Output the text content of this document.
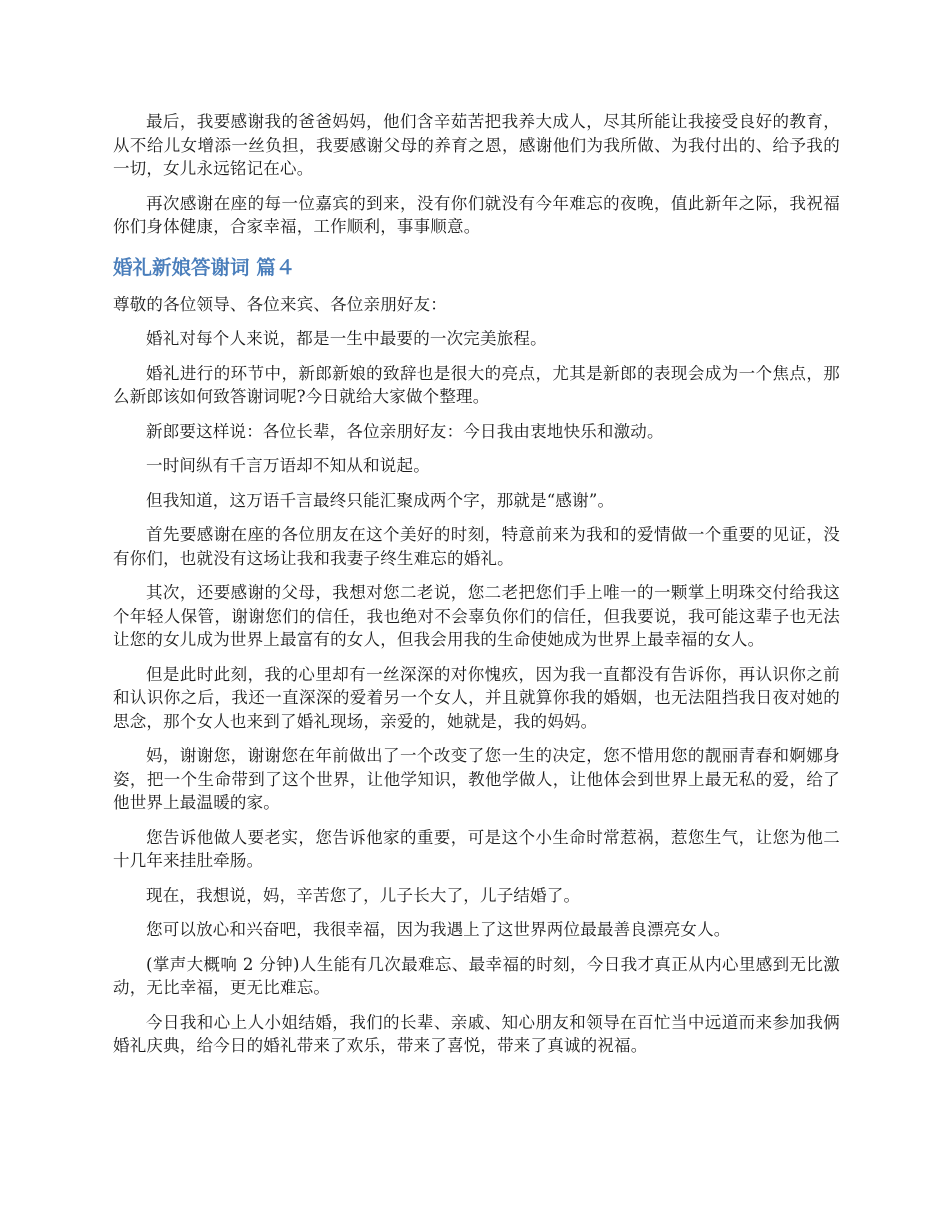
最后，我要感谢我的爸爸妈妈，他们含辛茹苦把我养大成人，尽其所能让我接受良好的教育，从不给儿女增添一丝负担，我要感谢父母的养育之恩，感谢他们为我所做、为我付出的、给予我的一切，女儿永远铭记在心。

再次感谢在座的每一位嘉宾的到来，没有你们就没有今年难忘的夜晚，值此新年之际，我祝福你们身体健康，合家幸福，工作顺利，事事顺意。

婚礼新娘答谢词 篇４

尊敬的各位领导、各位来宾、各位亲朋好友：

婚礼对每个人来说，都是一生中最要的一次完美旅程。

婚礼进行的环节中，新郎新娘的致辞也是很大的亮点，尤其是新郎的表现会成为一个焦点，那么新郎该如何致答谢词呢?今日就给大家做个整理。

新郎要这样说：各位长辈，各位亲朋好友：今日我由衷地快乐和激动。

一时间纵有千言万语却不知从和说起。

但我知道，这万语千言最终只能汇聚成两个字，那就是“感谢”。

首先要感谢在座的各位朋友在这个美好的时刻，特意前来为我和的爱情做一个重要的见证，没有你们，也就没有这场让我和我妻子终生难忘的婚礼。

其次，还要感谢的父母，我想对您二老说，您二老把您们手上唯一的一颗掌上明珠交付给我这个年轻人保管，谢谢您们的信任，我也绝对不会辜负你们的信任，但我要说，我可能这辈子也无法让您的女儿成为世界上最富有的女人，但我会用我的生命使她成为世界上最幸福的女人。

但是此时此刻，我的心里却有一丝深深的对你愧疚，因为我一直都没有告诉你，再认识你之前和认识你之后，我还一直深深的爱着另一个女人，并且就算你我的婚姻，也无法阻挡我日夜对她的思念，那个女人也来到了婚礼现场，亲爱的，她就是，我的妈妈。

妈，谢谢您，谢谢您在年前做出了一个改变了您一生的决定，您不惜用您的靓丽青春和婀娜身姿，把一个生命带到了这个世界，让他学知识，教他学做人，让他体会到世界上最无私的爱，给了他世界上最温暖的家。

您告诉他做人要老实，您告诉他家的重要，可是这个小生命时常惹祸，惹您生气，让您为他二十几年来挂肚牵肠。

现在，我想说，妈，辛苦您了，儿子长大了，儿子结婚了。

您可以放心和兴奋吧，我很幸福，因为我遇上了这世界两位最最善良漂亮女人。

(掌声大概响 2 分钟)人生能有几次最难忘、最幸福的时刻，今日我才真正从内心里感到无比激动，无比幸福，更无比难忘。

今日我和心上人小姐结婚，我们的长辈、亲戚、知心朋友和领导在百忙当中远道而来参加我俩婚礼庆典，给今日的婚礼带来了欢乐，带来了喜悦，带来了真诚的祝福。
